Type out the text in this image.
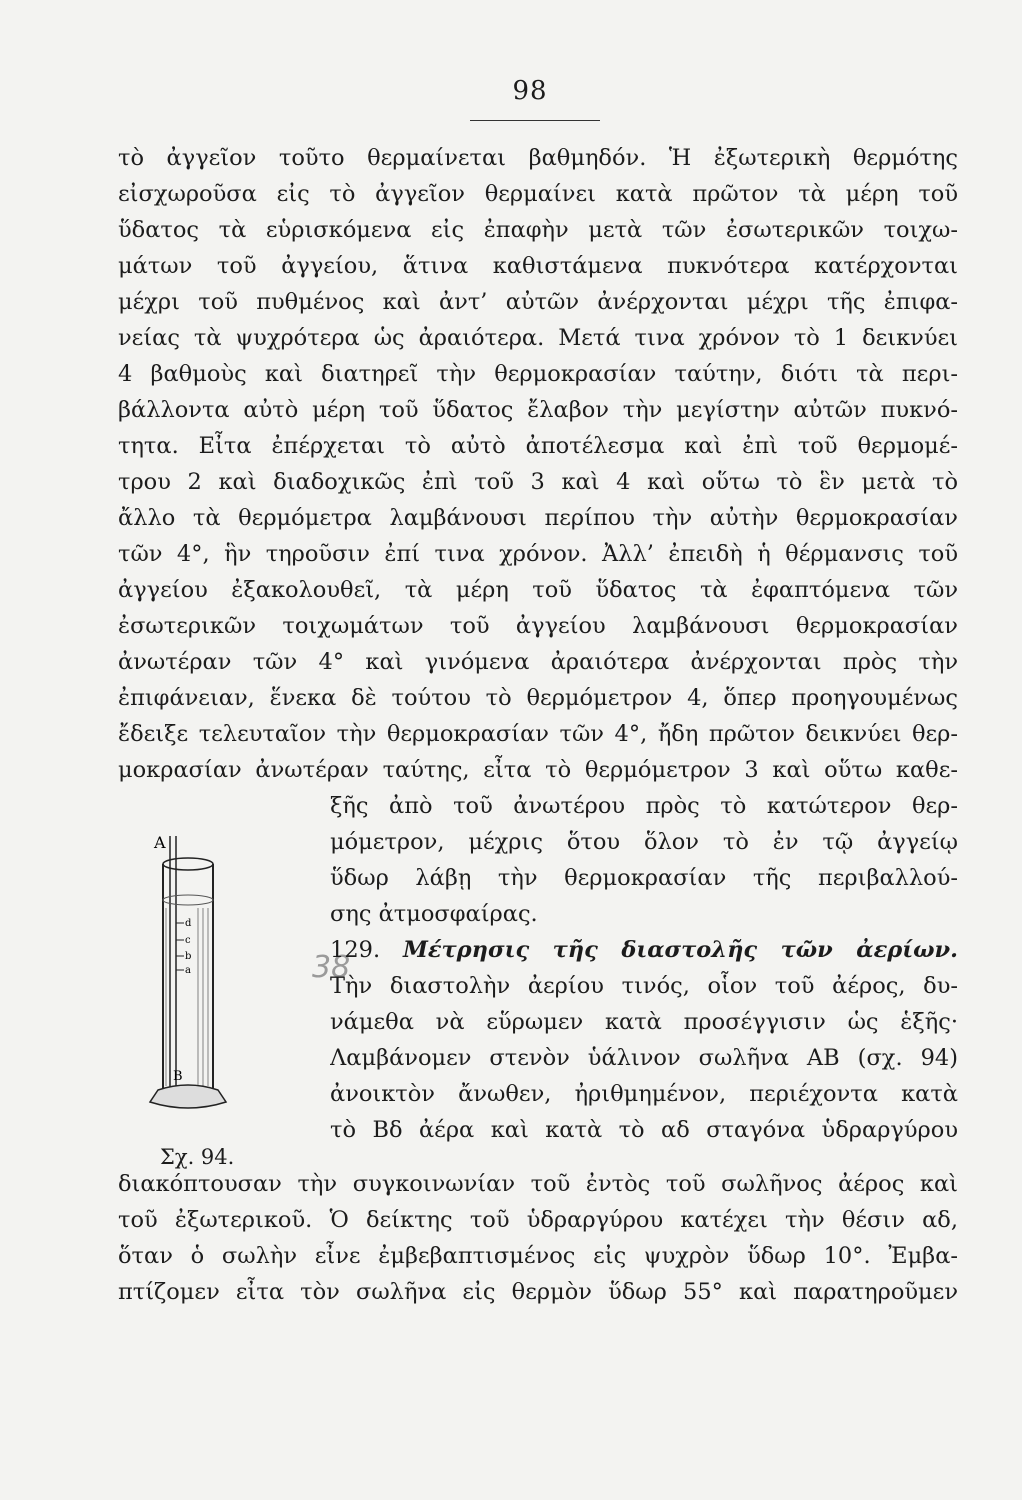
98
τὸ ἀγγεῖον τοῦτο θερμαίνεται βαθμηδόν. Ἡ ἐξωτερικὴ θερμότης
εἰσχωροῦσα εἰς τὸ ἀγγεῖον θερμαίνει κατὰ πρῶτον τὰ μέρη τοῦ
ὕδατος τὰ εὑρισκόμενα εἰς ἐπαφὴν μετὰ τῶν ἐσωτερικῶν τοιχω-
μάτων τοῦ ἀγγείου, ἅτινα καθιστάμενα πυκνότερα κατέρχονται
μέχρι τοῦ πυθμένος καὶ ἀντ’ αὐτῶν ἀνέρχονται μέχρι τῆς ἐπιφα-
νείας τὰ ψυχρότερα ὡς ἀραιότερα. Μετά τινα χρόνον τὸ 1 δεικνύει
4 βαθμοὺς καὶ διατηρεῖ τὴν θερμοκρασίαν ταύτην, διότι τὰ περι-
βάλλοντα αὐτὸ μέρη τοῦ ὕδατος ἔλαβον τὴν μεγίστην αὐτῶν πυκνό-
τητα. Εἶτα ἐπέρχεται τὸ αὐτὸ ἀποτέλεσμα καὶ ἐπὶ τοῦ θερμομέ-
τρου 2 καὶ διαδοχικῶς ἐπὶ τοῦ 3 καὶ 4 καὶ οὕτω τὸ ἓν μετὰ τὸ
ἄλλο τὰ θερμόμετρα λαμβάνουσι περίπου τὴν αὐτὴν θερμοκρασίαν
τῶν 4°, ἣν τηροῦσιν ἐπί τινα χρόνον. Ἀλλ’ ἐπειδὴ ἡ θέρμανσις τοῦ
ἀγγείου ἐξακολουθεῖ, τὰ μέρη τοῦ ὕδατος τὰ ἐφαπτόμενα τῶν
ἐσωτερικῶν τοιχωμάτων τοῦ ἀγγείου λαμβάνουσι θερμοκρασίαν
ἀνωτέραν τῶν 4° καὶ γινόμενα ἀραιότερα ἀνέρχονται πρὸς τὴν
ἐπιφάνειαν, ἕνεκα δὲ τούτου τὸ θερμόμετρον 4, ὅπερ προηγουμένως
ἔδειξε τελευταῖον τὴν θερμοκρασίαν τῶν 4°, ἤδη πρῶτον δεικνύει θερ-
μοκρασίαν ἀνωτέραν ταύτης, εἶτα τὸ θερμόμετρον 3 καὶ οὕτω καθε-
ξῆς ἀπὸ τοῦ ἀνωτέρου πρὸς τὸ κατώτερον θερ-
μόμετρον, μέχρις ὅτου ὅλον τὸ ἐν τῷ ἀγγείῳ
ὕδωρ λάβῃ τὴν θερμοκρασίαν τῆς περιβαλλού-
σης ἀτμοσφαίρας.
38
129. Μέτρησις τῆς διαστολῆς τῶν ἀερίων.
Τὴν διαστολὴν ἀερίου τινός, οἷον τοῦ ἀέρος, δυ-
νάμεθα νὰ εὕρωμεν κατὰ προσέγγισιν ὡς ἑξῆς·
Λαμβάνομεν στενὸν ὑάλινον σωλῆνα ΑΒ (σχ. 94)
ἀνοικτὸν ἄνωθεν, ἠριθμημένον, περιέχοντα κατὰ
τὸ Βδ ἀέρα καὶ κατὰ τὸ αδ σταγόνα ὑδραργύρου
διακόπτουσαν τὴν συγκοινωνίαν τοῦ ἐντὸς τοῦ σωλῆνος ἀέρος καὶ
τοῦ ἐξωτερικοῦ. Ὁ δείκτης τοῦ ὑδραργύρου κατέχει τὴν θέσιν αδ,
ὅταν ὁ σωλὴν εἶνε ἐμβεβαπτισμένος εἰς ψυχρὸν ὕδωρ 10°. Ἐμβα-
πτίζομεν εἶτα τὸν σωλῆνα εἰς θερμὸν ὕδωρ 55° καὶ παρατηροῦμεν
A
B
d
c
b
a
Σχ. 94.
